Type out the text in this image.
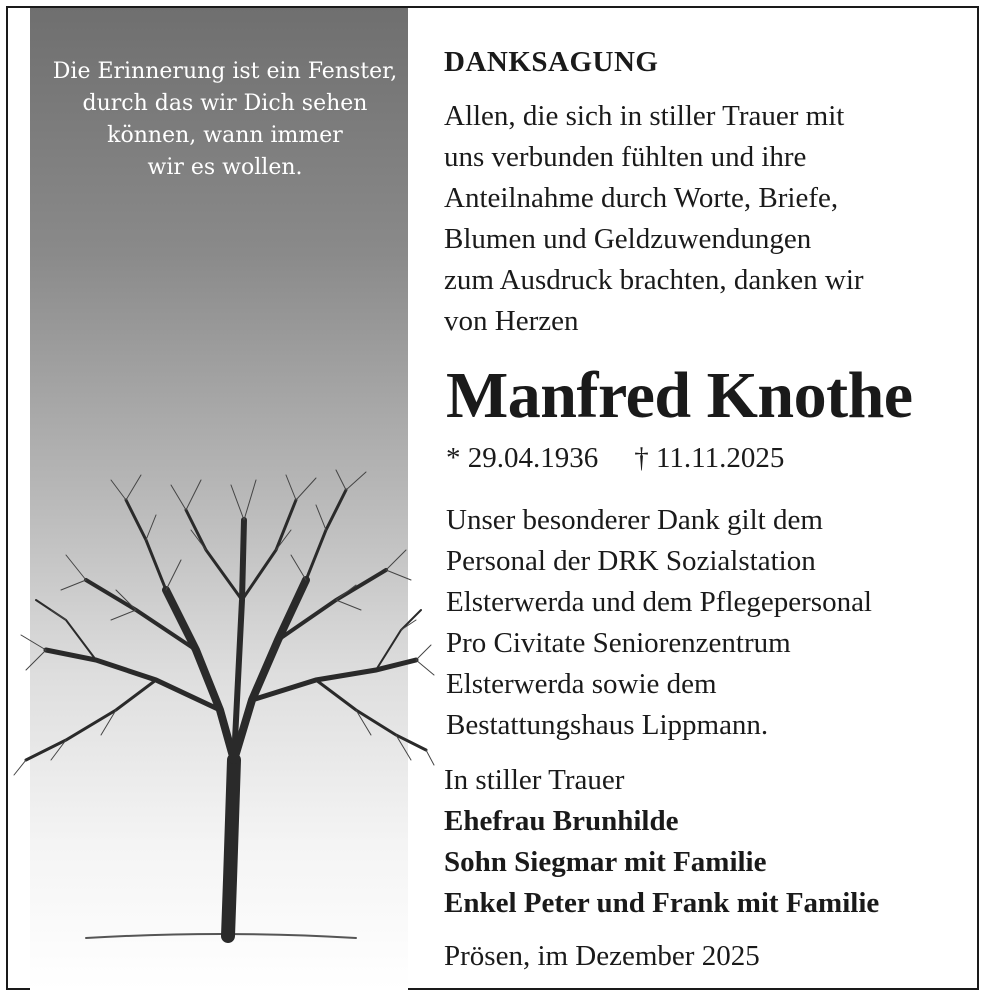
Die Erinnerung ist ein Fenster,
durch das wir Dich sehen
können, wann immer
wir es wollen.
DANKSAGUNG
Allen, die sich in stiller Trauer mit
uns verbunden fühlten und ihre
Anteilnahme durch Worte, Briefe,
Blumen und Geldzuwendungen
zum Ausdruck brachten, danken wir
von Herzen
Manfred Knothe
* 29.04.1936 † 11.11.2025
Unser besonderer Dank gilt dem
Personal der DRK Sozialstation
Elsterwerda und dem Pflegepersonal
Pro Civitate Seniorenzentrum
Elsterwerda sowie dem
Bestattungshaus Lippmann.
In stiller Trauer
Ehefrau Brunhilde
Sohn Siegmar mit Familie
Enkel Peter und Frank mit Familie
Prösen, im Dezember 2025
